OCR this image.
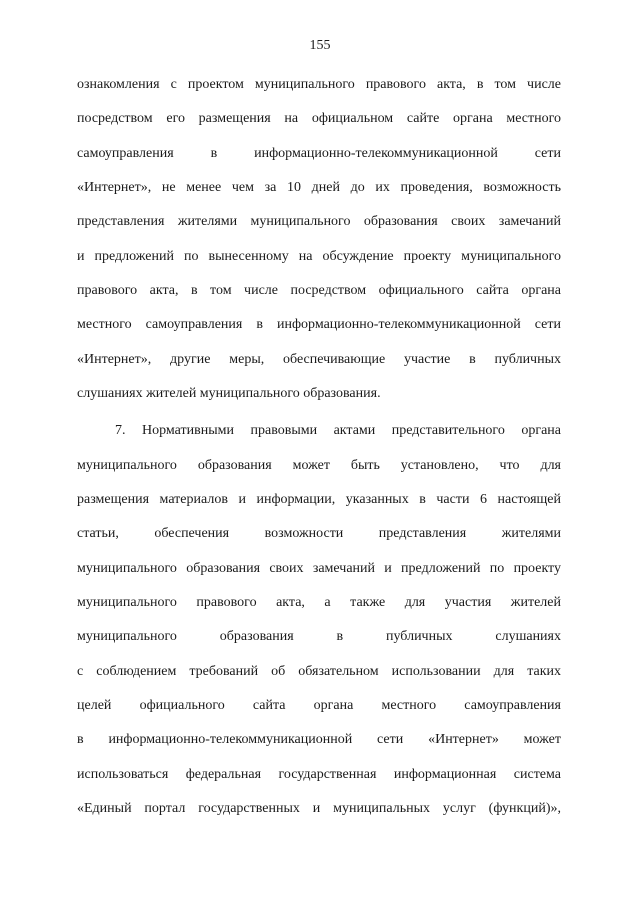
155
ознакомления с проектом муниципального правового акта, в том числе
посредством его размещения на официальном сайте органа местного
самоуправления в информационно-телекоммуникационной сети
«Интернет», не менее чем за 10 дней до их проведения, возможность
представления жителями муниципального образования своих замечаний
и предложений по вынесенному на обсуждение проекту муниципального
правового акта, в том числе посредством официального сайта органа
местного самоуправления в информационно-телекоммуникационной сети
«Интернет», другие меры, обеспечивающие участие в публичных
слушаниях жителей муниципального образования.
7. Нормативными правовыми актами представительного органа
муниципального образования может быть установлено, что для
размещения материалов и информации, указанных в части 6 настоящей
статьи, обеспечения возможности представления жителями
муниципального образования своих замечаний и предложений по проекту
муниципального правового акта, а также для участия жителей
муниципального образования в публичных слушаниях
с соблюдением требований об обязательном использовании для таких
целей официального сайта органа местного самоуправления
в информационно-телекоммуникационной сети «Интернет» может
использоваться федеральная государственная информационная система
«Единый портал государственных и муниципальных услуг (функций)»,
